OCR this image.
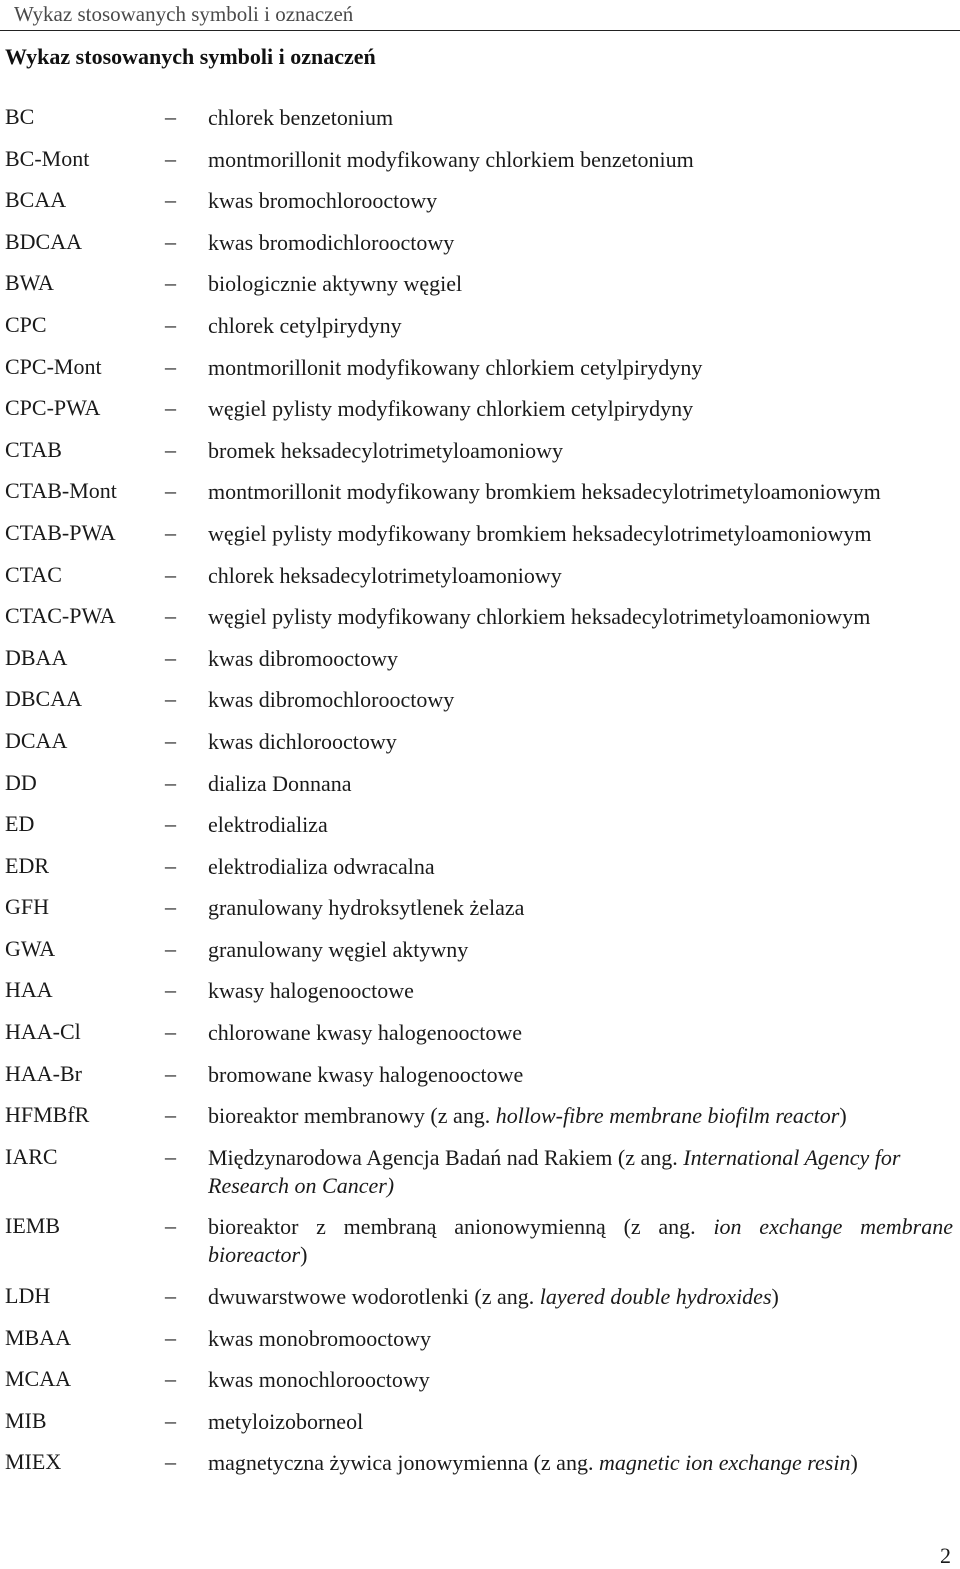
Wykaz stosowanych symboli i oznaczeń
Wykaz stosowanych symboli i oznaczeń
BC	– chlorek benzetonium
BC-Mont	– montmorillonit modyfikowany chlorkiem benzetonium
BCAA	– kwas bromochlorooctowy
BDCAA	– kwas bromodichlorooctowy
BWA	– biologicznie aktywny węgiel
CPC	– chlorek cetylpirydyny
CPC-Mont	– montmorillonit modyfikowany chlorkiem cetylpirydyny
CPC-PWA	– węgiel pylisty modyfikowany chlorkiem cetylpirydyny
CTAB	– bromek heksadecylotrimetyloamoniowy
CTAB-Mont – montmorillonit modyfikowany bromkiem heksadecylotrimetyloamoniowym
CTAB-PWA – węgiel pylisty modyfikowany bromkiem heksadecylotrimetyloamoniowym
CTAC	– chlorek heksadecylotrimetyloamoniowy
CTAC-PWA – węgiel pylisty modyfikowany chlorkiem heksadecylotrimetyloamoniowym
DBAA	– kwas dibromooctowy
DBCAA	– kwas dibromochlorooctowy
DCAA	– kwas dichlorooctowy
DD	– dializa Donnana
ED	– elektrodializa
EDR	– elektrodializa odwracalna
GFH	– granulowany hydroksytlenek żelaza
GWA	– granulowany węgiel aktywny
HAA	– kwasy halogenooctowe
HAA-Cl	– chlorowane kwasy halogenooctowe
HAA-Br	– bromowane kwasy halogenooctowe
HFMBfR	– bioreaktor membranowy (z ang. hollow-fibre membrane biofilm reactor)
IARC	– Międzynarodowa Agencja Badań nad Rakiem (z ang. International Agency for Research on Cancer)
IEMB	– bioreaktor z membraną anionowymienną (z ang. ion exchange membrane bioreactor)
LDH	– dwuwarstwowe wodorotlenki (z ang. layered double hydroxides)
MBAA	– kwas monobromooctowy
MCAA	– kwas monochlorooctowy
MIB	– metyloizoborneol
MIEX	– magnetyczna żywica jonowymienna (z ang. magnetic ion exchange resin)
2
